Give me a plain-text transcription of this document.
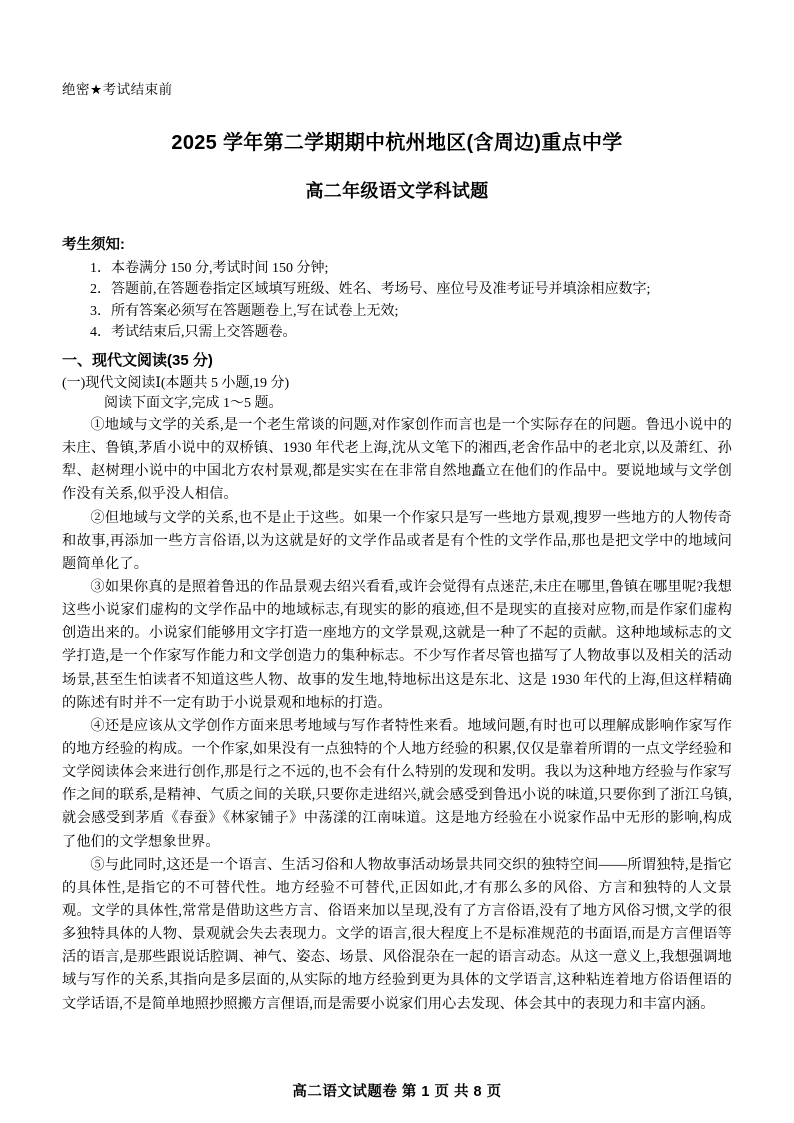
绝密★考试结束前
2025 学年第二学期期中杭州地区(含周边)重点中学
高二年级语文学科试题
考生须知:

1．本卷满分 150 分,考试时间 150 分钟;

2．答题前,在答题卷指定区域填写班级、姓名、考场号、座位号及准考证号并填涂相应数字;

3．所有答案必须写在答题题卷上,写在试卷上无效;

4．考试结束后,只需上交答题卷。

一、现代文阅读(35 分)
(一)现代文阅读Ⅰ(本题共 5 小题,19 分)
阅读下面文字,完成 1～5 题。

①地域与文学的关系,是一个老生常谈的问题,对作家创作而言也是一个实际存在的问题。鲁迅小说中的未庄、鲁镇,茅盾小说中的双桥镇、1930 年代老上海,沈从文笔下的湘西,老舍作品中的老北京,以及萧红、孙犁、赵树理小说中的中国北方农村景观,都是实实在在非常自然地矗立在他们的作品中。要说地域与文学创作没有关系,似乎没人相信。

②但地域与文学的关系,也不是止于这些。如果一个作家只是写一些地方景观,搜罗一些地方的人物传奇和故事,再添加一些方言俗语,以为这就是好的文学作品或者是有个性的文学作品,那也是把文学中的地域问题简单化了。

③如果你真的是照着鲁迅的作品景观去绍兴看看,或许会觉得有点迷茫,未庄在哪里,鲁镇在哪里呢?我想这些小说家们虚构的文学作品中的地域标志,有现实的影的痕迹,但不是现实的直接对应物,而是作家们虚构创造出来的。小说家们能够用文字打造一座地方的文学景观,这就是一种了不起的贡献。这种地域标志的文学打造,是一个作家写作能力和文学创造力的集种标志。不少写作者尽管也描写了人物故事以及相关的活动场景,甚至生怕读者不知道这些人物、故事的发生地,特地标出这是东北、这是 1930 年代的上海,但这样精确的陈述有时并不一定有助于小说景观和地标的打造。

④还是应该从文学创作方面来思考地域与写作者特性来看。地域问题,有时也可以理解成影响作家写作的地方经验的构成。一个作家,如果没有一点独特的个人地方经验的积累,仅仅是靠着所谓的一点文学经验和文学阅读体会来进行创作,那是行之不远的,也不会有什么特别的发现和发明。我以为这种地方经验与作家写作之间的联系,是精神、气质之间的关联,只要你走进绍兴,就会感受到鲁迅小说的味道,只要你到了浙江乌镇,就会感受到茅盾《春蚕》《林家铺子》中荡漾的江南味道。这是地方经验在小说家作品中无形的影响,构成了他们的文学想象世界。

⑤与此同时,这还是一个语言、生活习俗和人物故事活动场景共同交织的独特空间——所谓独特,是指它的具体性,是指它的不可替代性。地方经验不可替代,正因如此,才有那么多的风俗、方言和独特的人文景观。文学的具体性,常常是借助这些方言、俗语来加以呈现,没有了方言俗语,没有了地方风俗习惯,文学的很多独特具体的人物、景观就会失去表现力。文学的语言,很大程度上不是标准规范的书面语,而是方言俚语等活的语言,是那些跟说话腔调、神气、姿态、场景、风俗混杂在一起的语言动态。从这一意义上,我想强调地域与写作的关系,其指向是多层面的,从实际的地方经验到更为具体的文学语言,这种粘连着地方俗语俚语的文学话语,不是简单地照抄照搬方言俚语,而是需要小说家们用心去发现、体会其中的表现力和丰富内涵。

高二语文试题卷 第 1 页 共 8 页
